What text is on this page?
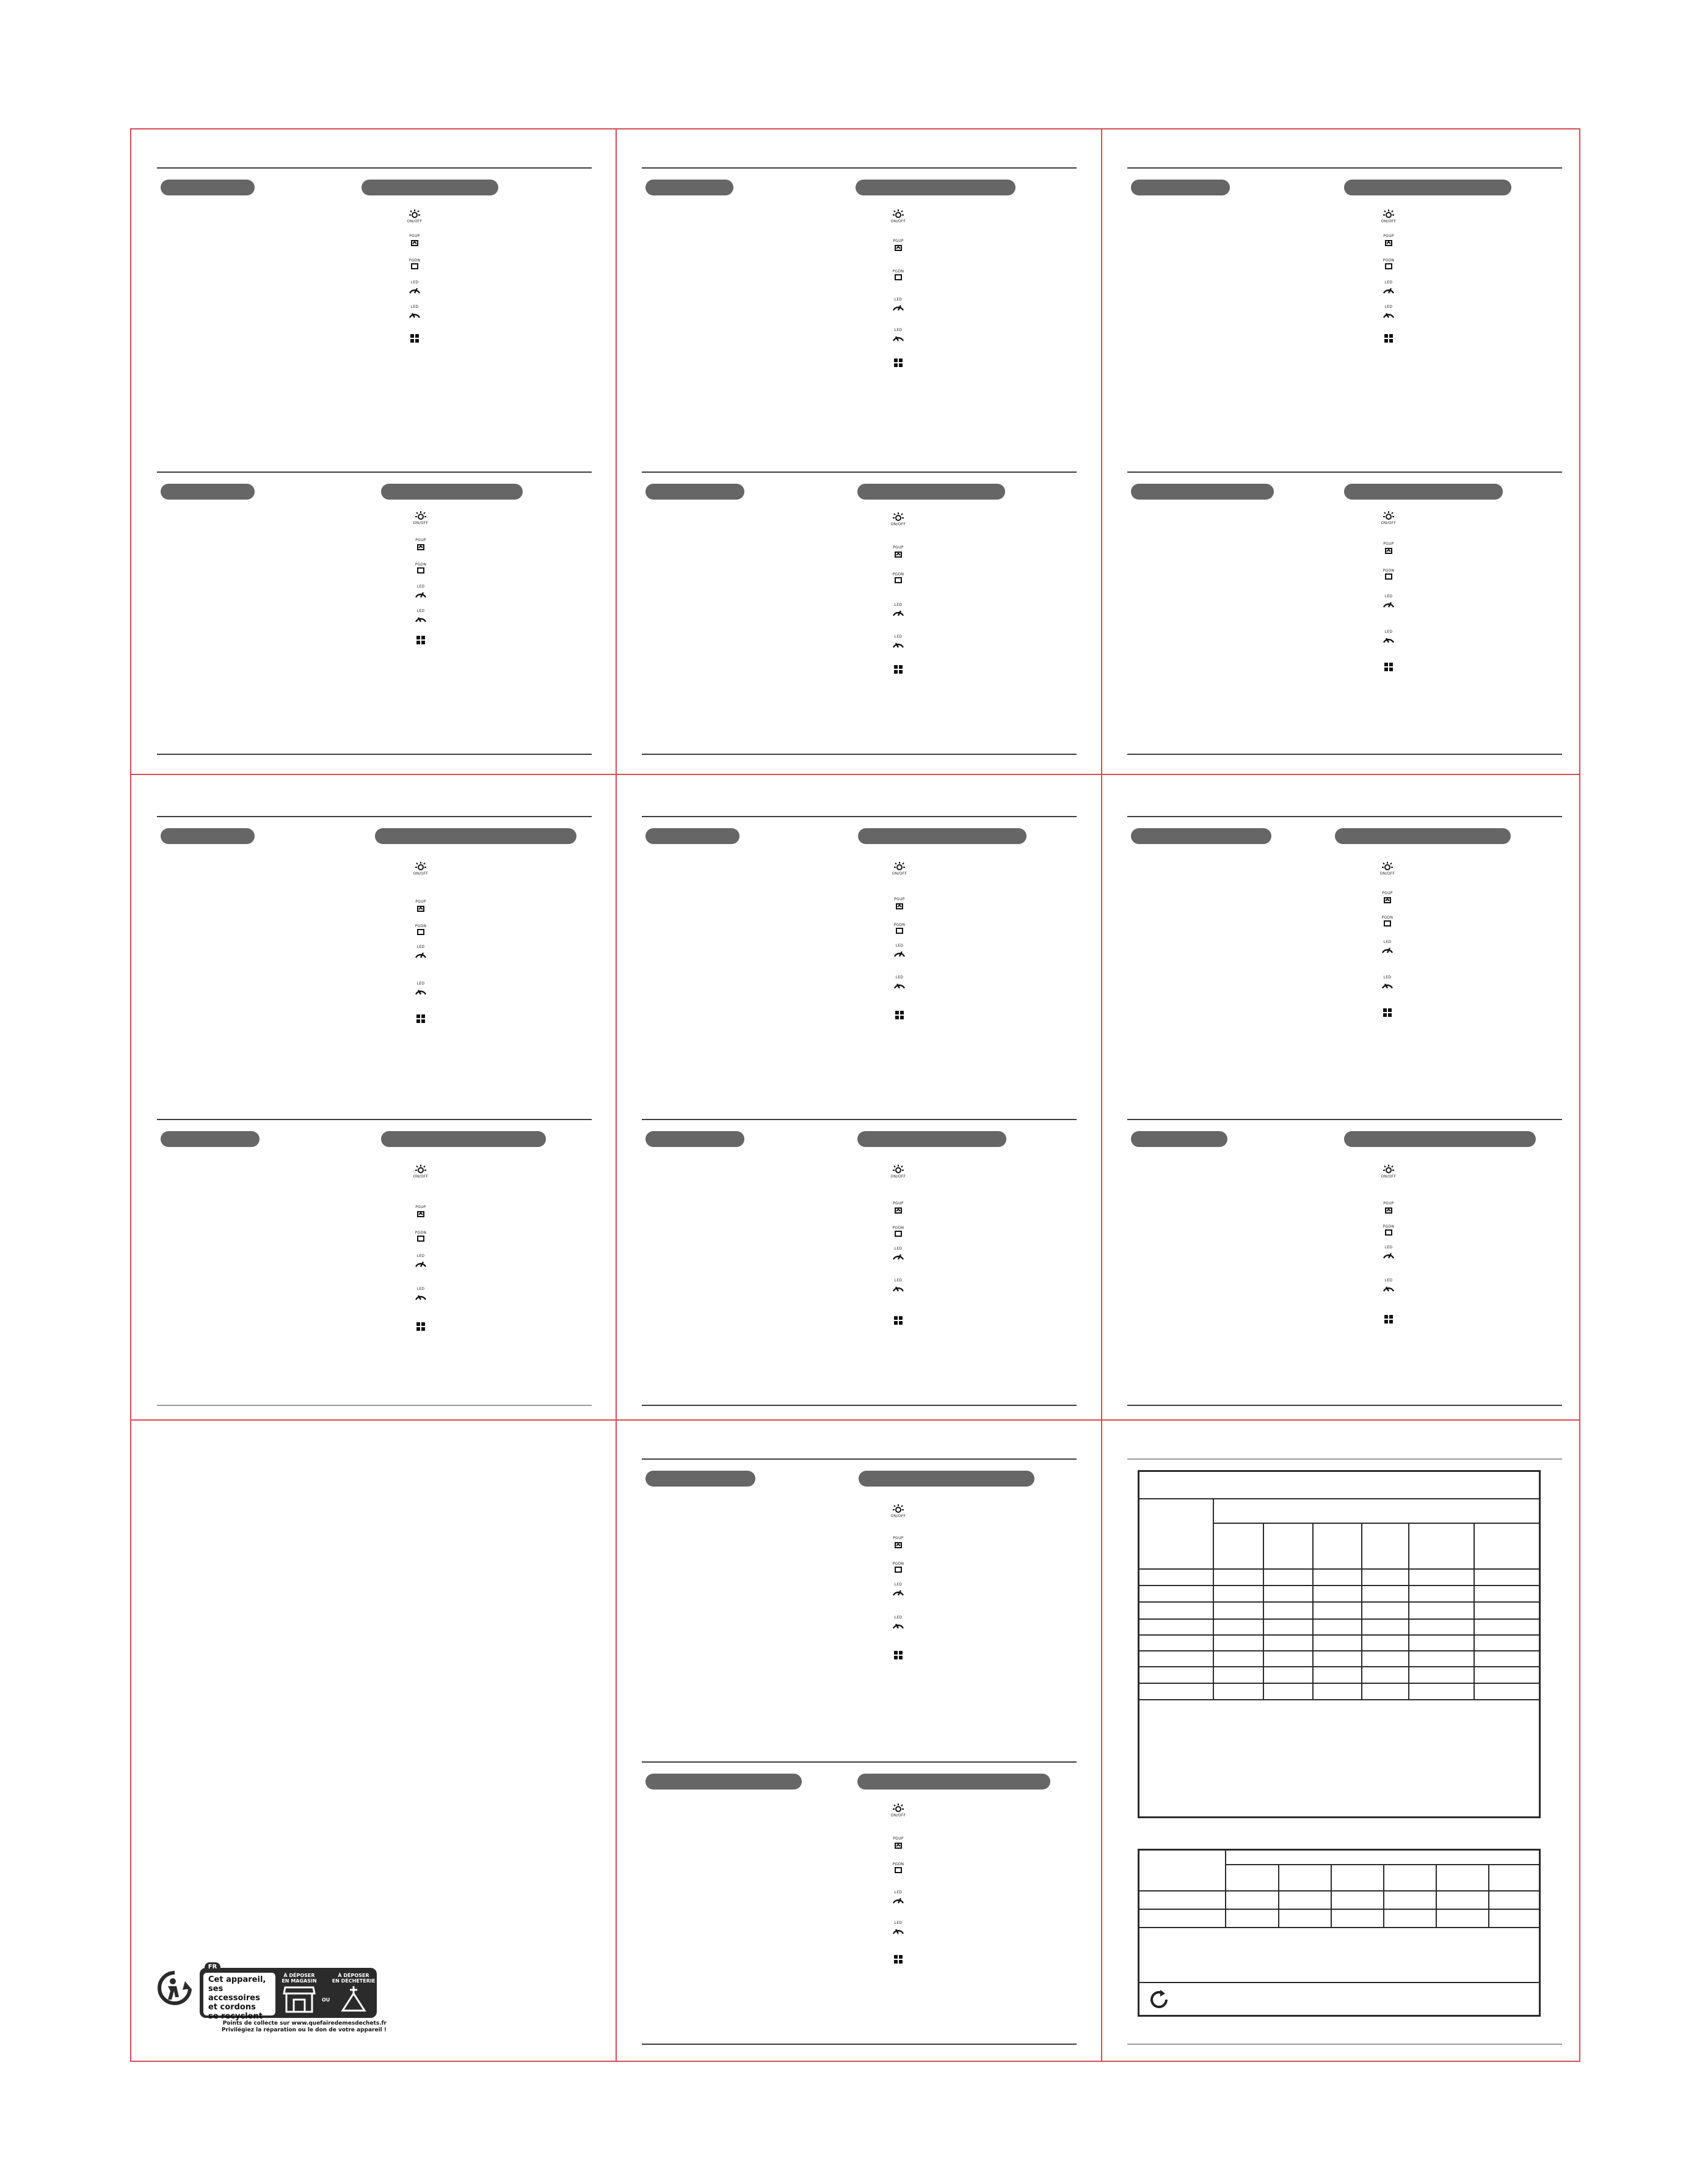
ON/OFF
PGUP
PGDN
LED
LED
ON/OFF
PGUP
PGDN
LED
LED
ON/OFF
PGUP
PGDN
LED
LED
ON/OFF
PGUP
PGDN
LED
LED
ON/OFF
PGUP
PGDN
LED
LED
ON/OFF
PGUP
PGDN
LED
LED
ON/OFF
PGUP
PGDN
LED
LED
ON/OFF
PGUP
PGDN
LED
LED
ON/OFF
PGUP
PGDN
LED
LED
ON/OFF
PGUP
PGDN
LED
LED
ON/OFF
PGUP
PGDN
LED
LED
ON/OFF
PGUP
PGDN
LED
LED
ON/OFF
PGUP
PGDN
LED
LED
ON/OFF
PGUP
PGDN
LED
LED
FR
Cet appareil,
ses accessoires
et cordons
se recyclent
À DÉPOSER
EN MAGASIN
À DÉPOSER
EN DÉCHETERIE
OU
Points de collecte sur www.quefairedemesdechets.fr
Privilégiez la réparation ou le don de votre appareil !
